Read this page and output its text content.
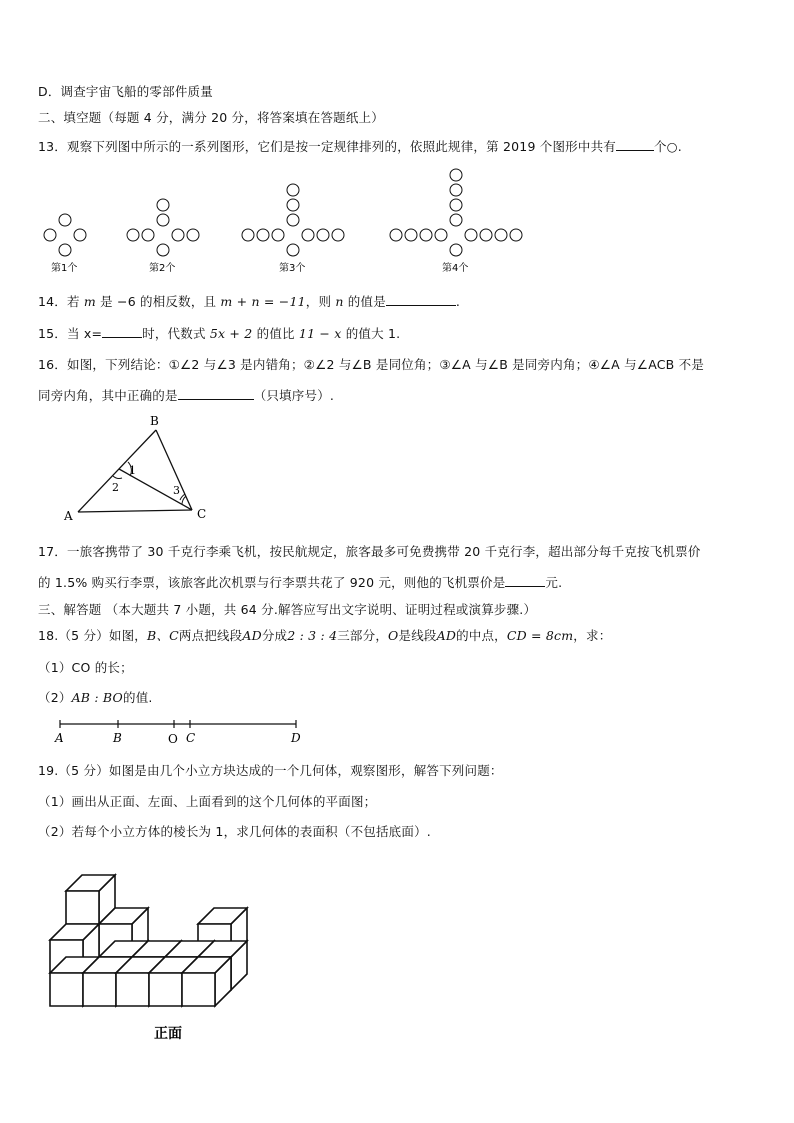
D．调查宇宙飞船的零部件质量
二、填空题（每题 4 分，满分 20 分，将答案填在答题纸上）
13．观察下列图中所示的一系列图形，它们是按一定规律排列的，依照此规律，第 2019 个图形中共有	个○.
第1个	第2个	第3个	第4个
14．若 m 是 −6 的相反数，且 m + n = −11，则 n 的值是	.
15．当 x=	时，代数式 5x + 2 的值比 11 − x 的值大 1.
16．如图，下列结论：①∠2 与∠3 是内错角；②∠2 与∠B 是同位角；③∠A 与∠B 是同旁内角；④∠A 与∠ACB 不是
同旁内角，其中正确的是	（只填序号）.
A
B
C
1
2	3
17．一旅客携带了 30 千克行李乘飞机，按民航规定，旅客最多可免费携带 20 千克行李，超出部分每千克按飞机票价
的 1.5% 购买行李票，该旅客此次机票与行李票共花了 920 元，则他的飞机票价是	元.
三、解答题 （本大题共 7 小题，共 64 分.解答应写出文字说明、证明过程或演算步骤.）
18.（5 分）如图，B、C两点把线段AD分成2 : 3 : 4三部分，O是线段AD的中点，CD = 8cm，求：
（1）CO 的长；
（2）AB : BO的值.
A	B	O C	D
19.（5 分）如图是由几个小立方块达成的一个几何体，观察图形，解答下列问题：
（1）画出从正面、左面、上面看到的这个几何体的平面图；
（2）若每个小立方体的棱长为 1，求几何体的表面积（不包括底面）.
正面
